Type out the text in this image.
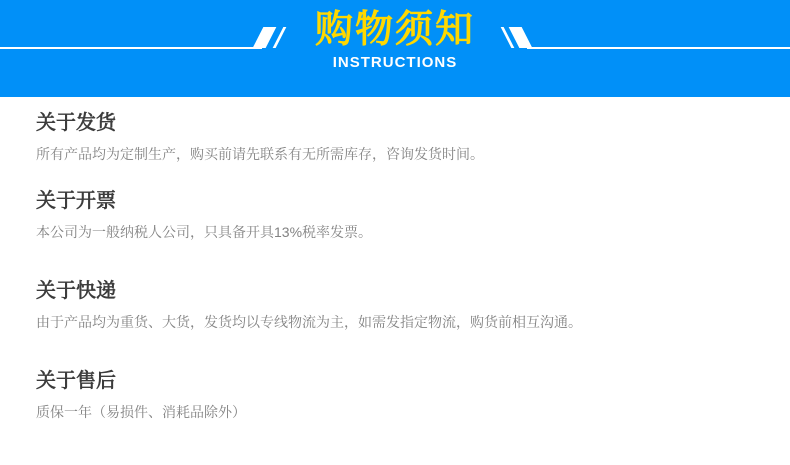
购物须知
INSTRUCTIONS
关于发货

所有产品均为定制生产，购买前请先联系有无所需库存，咨询发货时间。

关于开票

本公司为一般纳税人公司，只具备开具13%税率发票。

关于快递

由于产品均为重货、大货，发货均以专线物流为主，如需发指定物流，购货前相互沟通。

关于售后

质保一年（易损件、消耗品除外）
